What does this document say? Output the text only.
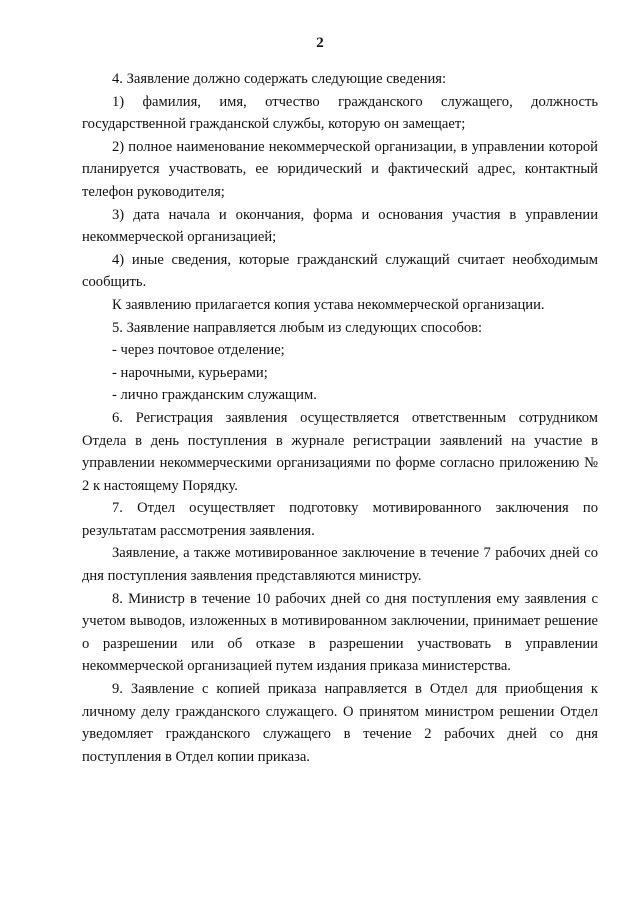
2

4. Заявление должно содержать следующие сведения:

1) фамилия, имя, отчество гражданского служащего, должность государственной гражданской службы, которую он замещает;

2) полное наименование некоммерческой организации, в управлении которой планируется участвовать, ее юридический и фактический адрес, контактный телефон руководителя;

3) дата начала и окончания, форма и основания участия в управлении некоммерческой организацией;

4) иные сведения, которые гражданский служащий считает необходимым сообщить.

К заявлению прилагается копия устава некоммерческой организации.

5. Заявление направляется любым из следующих способов:

- через почтовое отделение;

- нарочными, курьерами;

- лично гражданским служащим.

6. Регистрация заявления осуществляется ответственным сотрудником Отдела в день поступления в журнале регистрации заявлений на участие в управлении некоммерческими организациями по форме согласно приложению № 2 к настоящему Порядку.

7. Отдел осуществляет подготовку мотивированного заключения по результатам рассмотрения заявления.

Заявление, а также мотивированное заключение в течение 7 рабочих дней со дня поступления заявления представляются министру.

8. Министр в течение 10 рабочих дней со дня поступления ему заявления с учетом выводов, изложенных в мотивированном заключении, принимает решение о разрешении или об отказе в разрешении участвовать в управлении некоммерческой организацией путем издания приказа министерства.

9. Заявление с копией приказа направляется в Отдел для приобщения к личному делу гражданского служащего. О принятом министром решении Отдел уведомляет гражданского служащего в течение 2 рабочих дней со дня поступления в Отдел копии приказа.
